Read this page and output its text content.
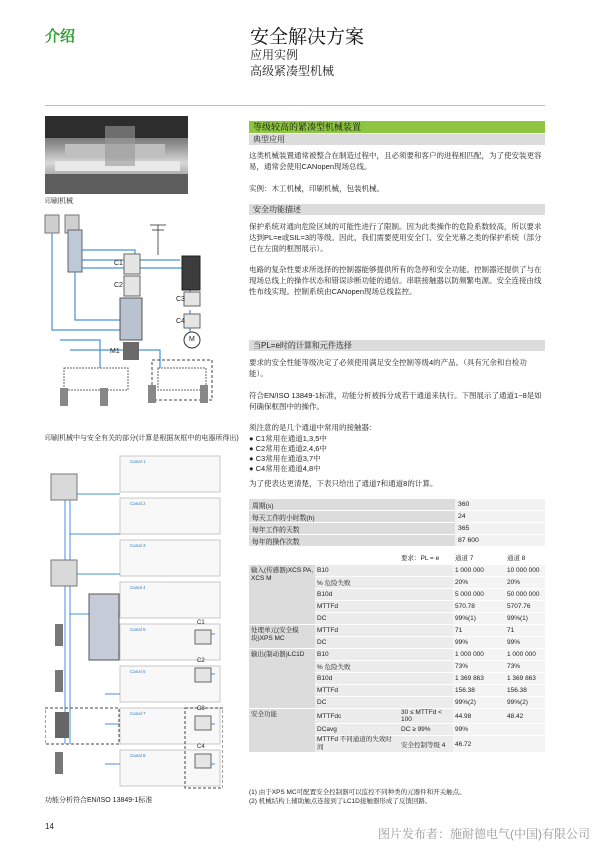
介绍	安全解决方案
应用实例
高级紧凑型机械
印刷机械
C1
C2
C3
C4
M1
M
印刷机械中与安全有关的部分(计算是根据灰框中的电器所得出)
Canal 1
Canal 2
Canal 3
Canal 4
Canal 5
Canal 6
Canal 7
Canal 8
C1
C2
C3
C4
功能分析符合EN/ISO 13849-1标准
等级较高的紧凑型机械装置
典型应用
这类机械装置通常被整合在制造过程中，且必须要和客户的进程相匹配，为了使安装更容易，通常会使用CANopen现场总线。
实例：木工机械，印刷机械，包装机械。
安全功能描述
保护系统对通向危险区域的可能性进行了限制。因为此类操作的危险系数较高，所以要求达到PL=e或SIL=3的等级。因此，我们需要使用安全门、安全光幕之类的保护系统（部分已在左面的框图展示）。
电路的复杂性要求所选择的控制器能够提供所有的急停和安全功能。控制器还提供了与在现场总线上的操作状态和错误诊断功能的通信。串联接触器以防频繁电源。安全连接由线性布线实现。控制系统由CANopen现场总线监控。
当PL=e时的计算和元件选择
要求的安全性能等级决定了必须使用满足安全控制等级4的产品。（具有冗余和自检功能）。
符合EN/ISO 13849-1标准，功能分析被拆分成若干通道来执行。下图展示了通道1~8是如何确保框图中的操作。
须注意的是几个通道中常用的接触器：
● C1常用在通道1,3,5中
● C2常用在通道2,4,6中
● C3常用在通道3,7中
● C4常用在通道4,8中
为了使表达更清楚，下表只给出了通道7和通道8的计算。
周期(s)	360
每天工作的小时数(h)	24
每年工作的天数	365
每年的操作次数	87 600
		要求：PL = e	通道 7	通道 8
输入(传感器)XCS PA, XCS M	B10		1 000 000	10 000 000
	% 危险失败		20%	20%
	B10d		5 000 000	50 000 000
	MTTFd		570.78	5707.76
	DC		99%(1)	99%(1)
处理单元(安全模块)XPS MC	MTTFd		71	71
	DC		99%	99%
输出(制动器)LC1D	B10		1 000 000	1 000 000
	% 危险失败		73%	73%
	B10d		1 369 863	1 369 863
	MTTFd		156.38	156.38
	DC		99%(2)	99%(2)
安全功能	MTTFdc	30 ≤ MTTFd < 100	44.98	48.42
	DCavg	DC ≥ 99%	99%	
	MTTFd 不同通道的失效时间	安全控制等级 4	46.72	
(1) 由于XPS MC可配置安全控制器可以监控不同种类的元器件和开关触点。
(2) 机械结构上辅助触点连接到了LC1D接触器形成了反馈回路。
14
图片发布者：施耐德电气(中国)有限公司
